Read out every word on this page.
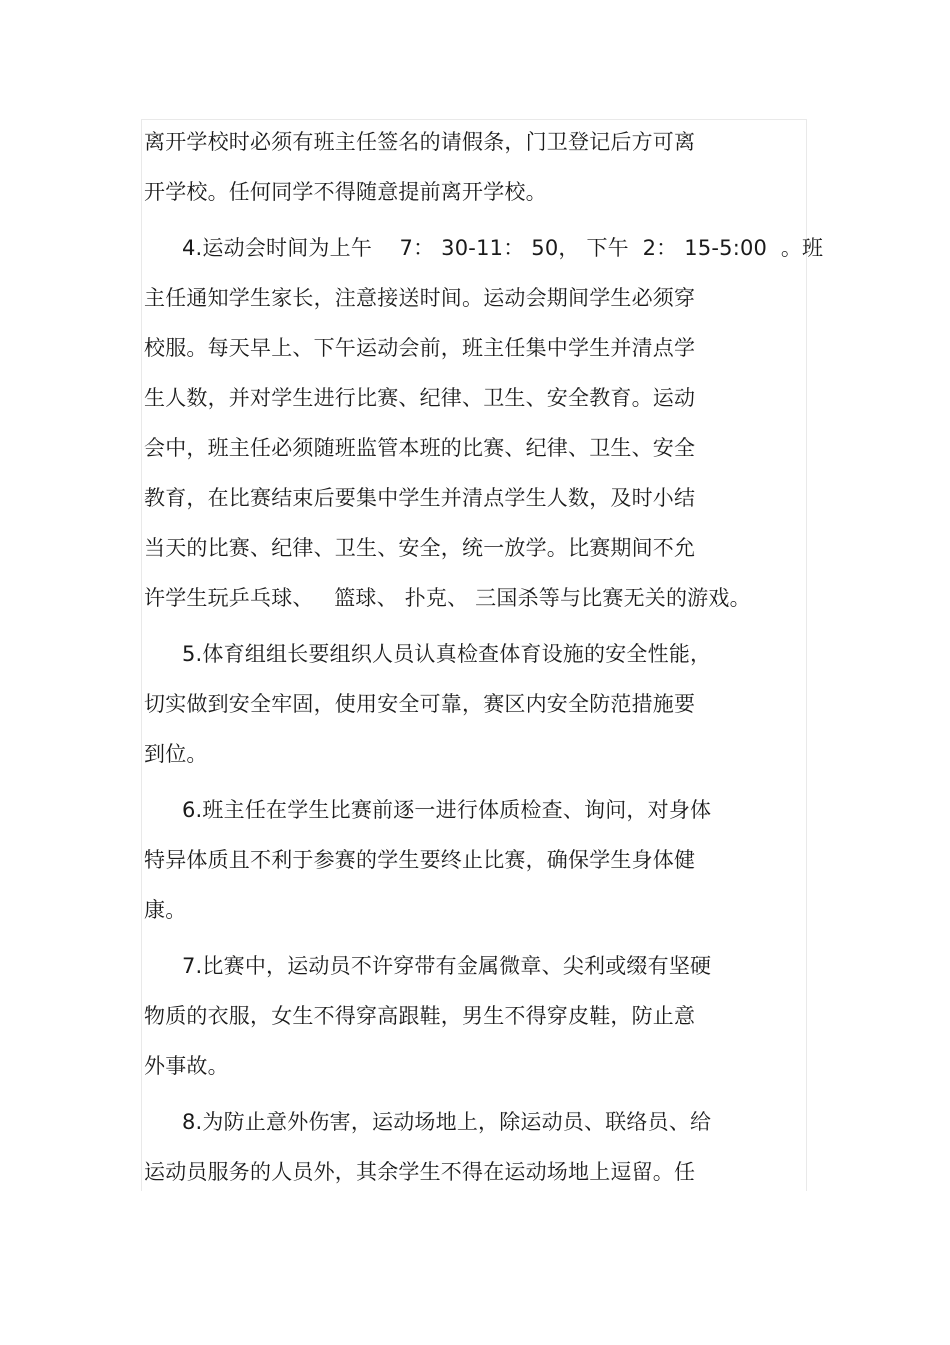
离开学校时必须有班主任签名的请假条，门卫登记后方可离
开学校。任何同学不得随意提前离开学校。
4.运动会时间为上午    7： 30-11： 50， 下午  2： 15-5:00  。班
主任通知学生家长，注意接送时间。运动会期间学生必须穿
校服。每天早上、下午运动会前，班主任集中学生并清点学
生人数，并对学生进行比赛、纪律、卫生、安全教育。运动
会中，班主任必须随班监管本班的比赛、纪律、卫生、安全
教育，在比赛结束后要集中学生并清点学生人数，及时小结
当天的比赛、纪律、卫生、安全，统一放学。比赛期间不允
许学生玩乒乓球、   篮球、 扑克、 三国杀等与比赛无关的游戏。
5.体育组组长要组织人员认真检查体育设施的安全性能，
切实做到安全牢固，使用安全可靠，赛区内安全防范措施要
到位。
6.班主任在学生比赛前逐一进行体质检查、询问，对身体
特异体质且不利于参赛的学生要终止比赛，确保学生身体健
康。
7.比赛中，运动员不许穿带有金属微章、尖利或缀有坚硬
物质的衣服，女生不得穿高跟鞋，男生不得穿皮鞋，防止意
外事故。
8.为防止意外伤害，运动场地上，除运动员、联络员、给
运动员服务的人员外，其余学生不得在运动场地上逗留。任
